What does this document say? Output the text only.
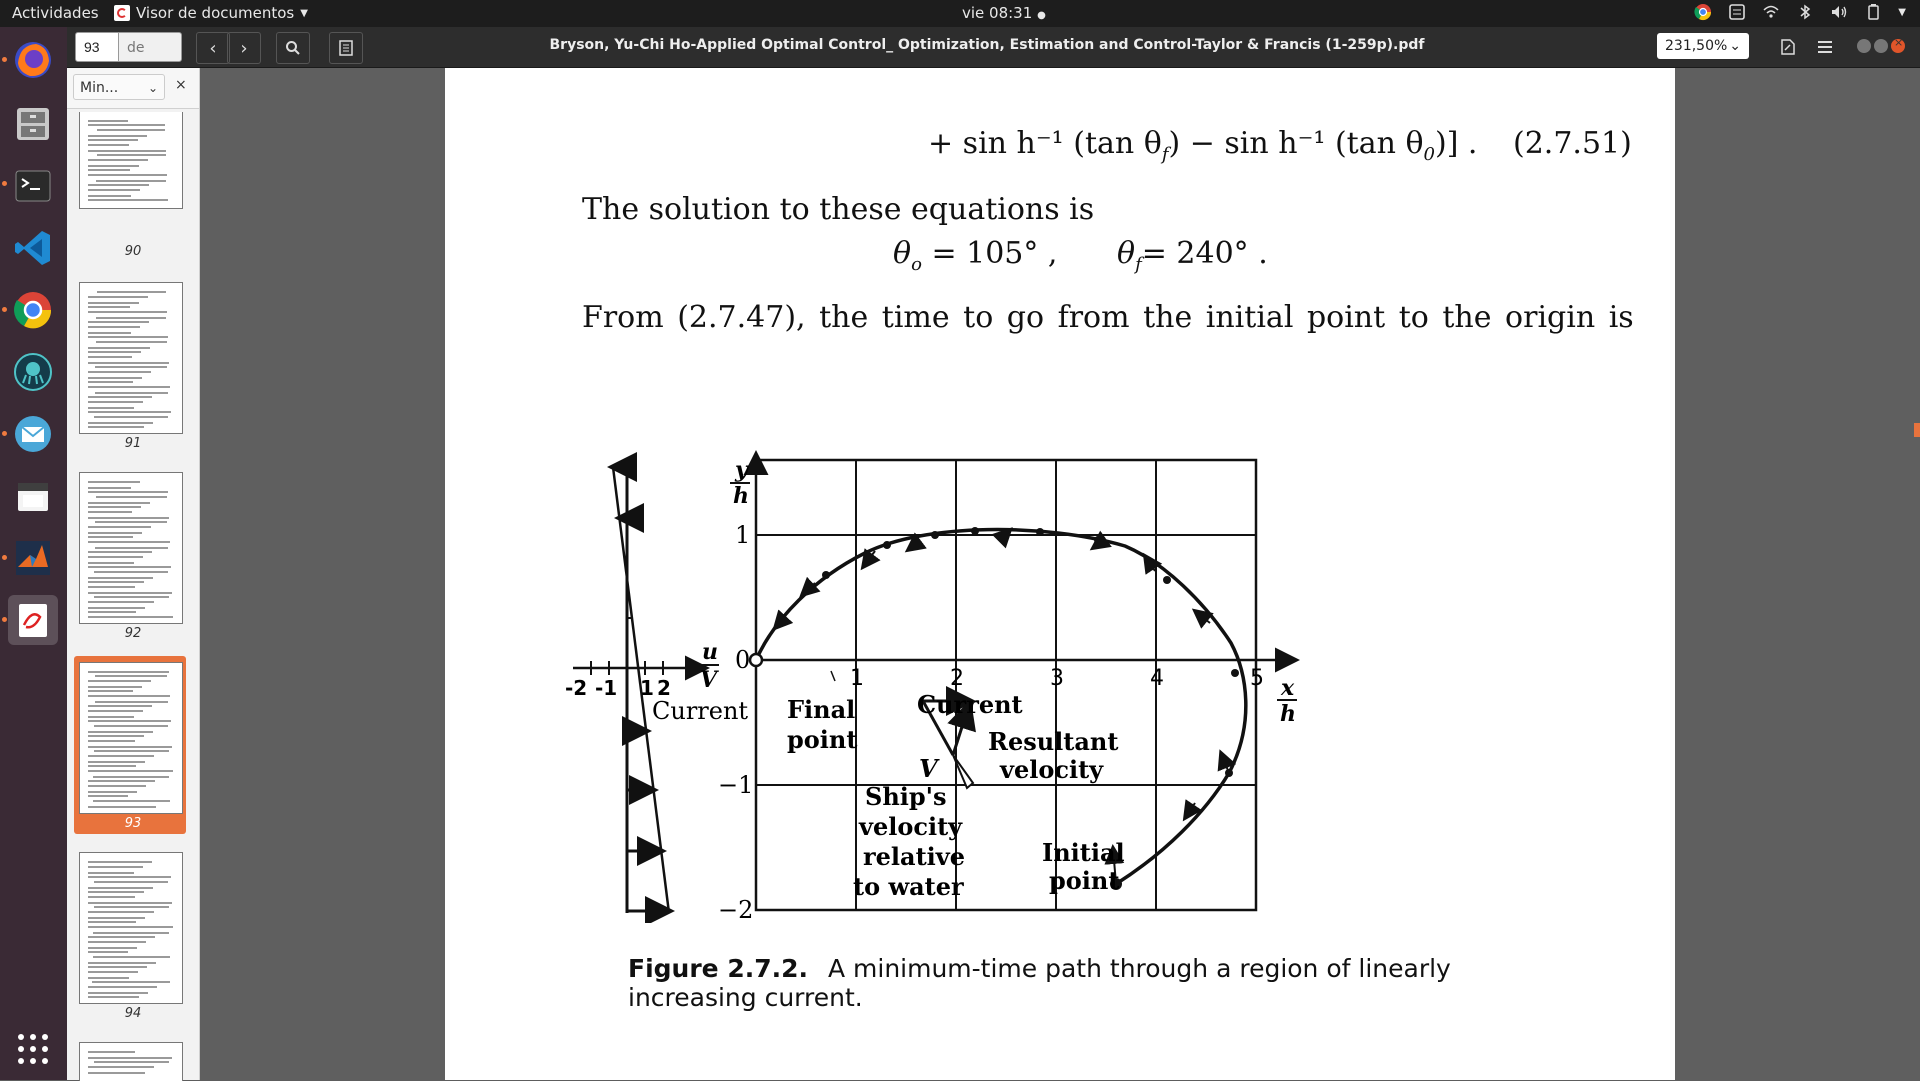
Actividades Visor de documentos ▼	vie 08:31 ●	▼
93
de	‹ ›	Bryson, Yu-Chi Ho-Applied Optimal Control_ Optimization, Estimation and Control-Taylor & Francis (1-259p).pdf	231,50% ⌄	×
Min... ⌄ ×
90
91
92
93
94
+ sin h⁻¹ (tan $\theta_f) - \sin h^{-1}$ (tan $\theta_0$)] . (2.7.51)
The solution to these equations is
$\theta_o = 105^\circ$ , $\theta_f= 240^\circ$ .
From (2.7.47), the time to go from the initial point to the origin is
-2 -1 1 2
u
V
Current
y
h
1
0
−1
−2
1	2	3	4	5 x
h
Final
point
Current
Resultant
velocity
V
Ship's
velocity
relative
to water
Initial
point
Figure 2.7.2. A minimum-time path through a region of linearly
increasing current.
